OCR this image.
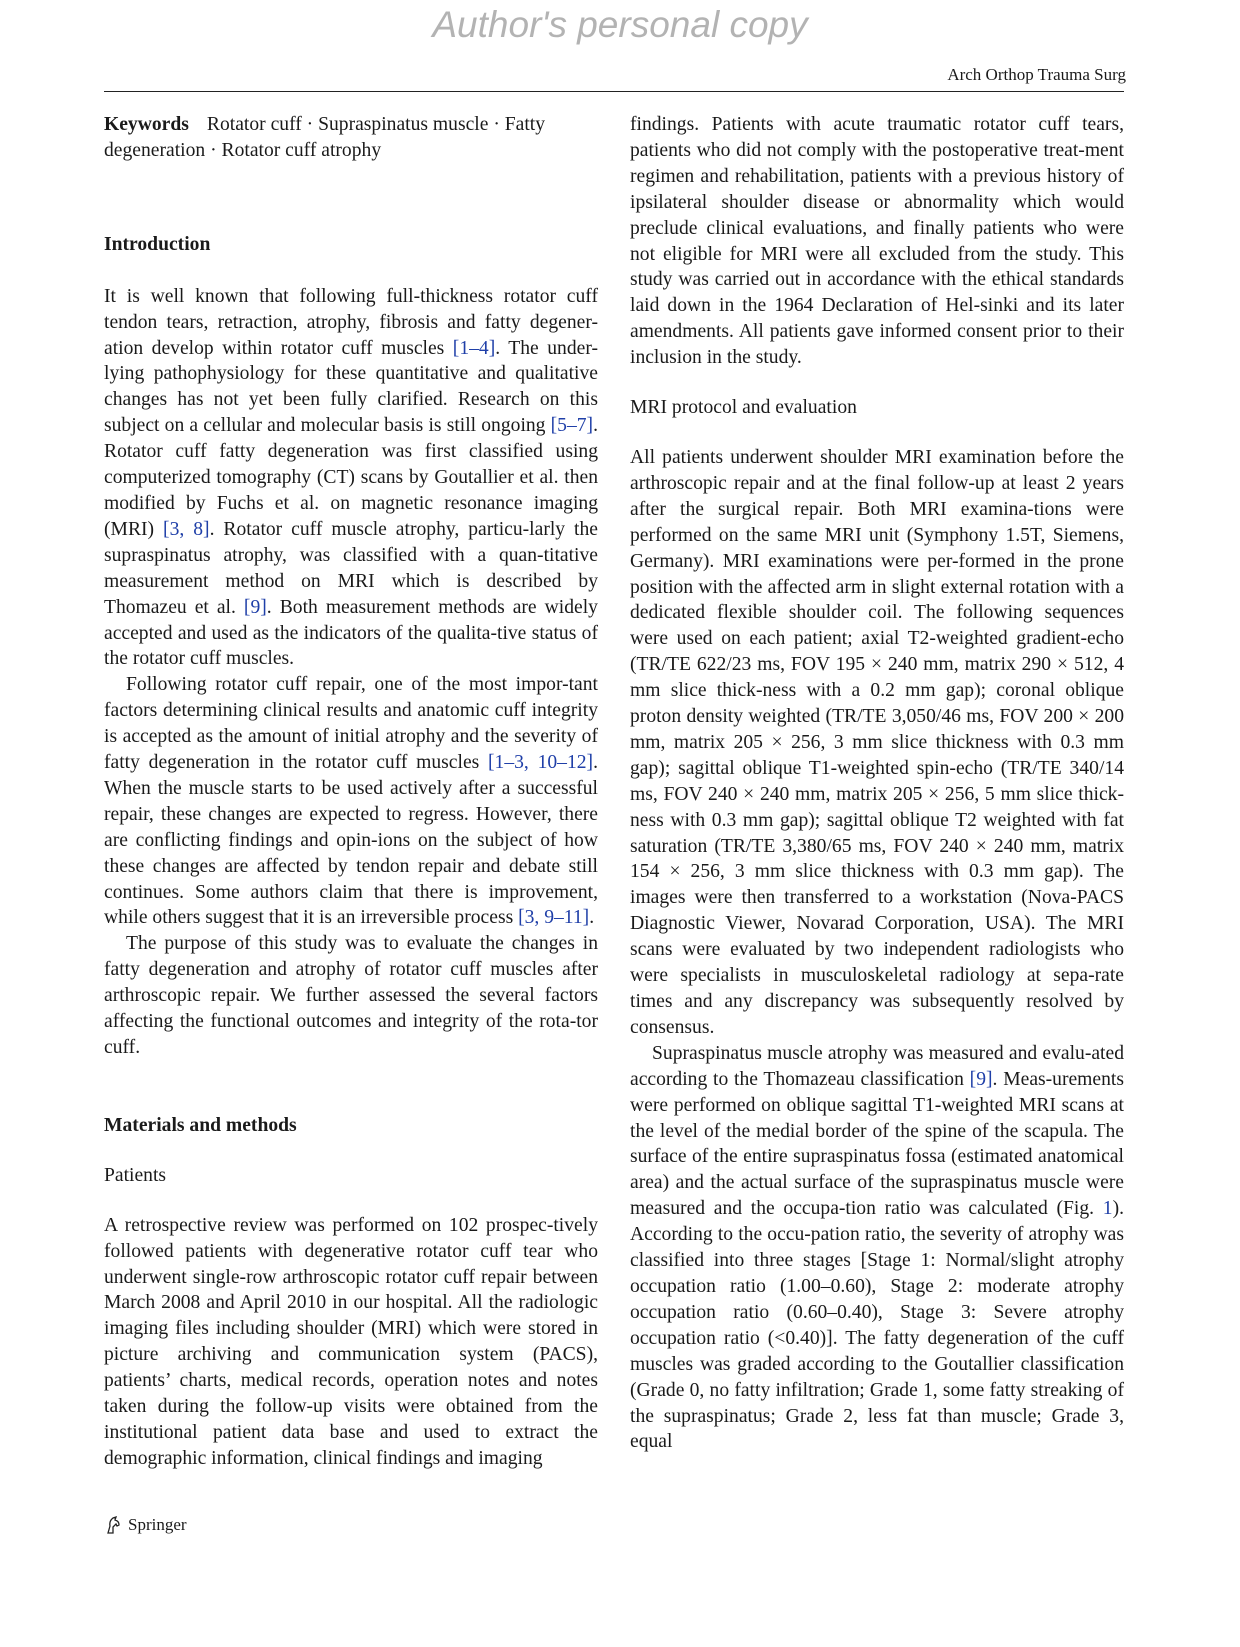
Author's personal copy
Arch Orthop Trauma Surg

Keywords Rotator cuff · Supraspinatus muscle · Fatty degeneration · Rotator cuff atrophy

Introduction

It is well known that following full-thickness rotator cuff tendon tears, retraction, atrophy, fibrosis and fatty degener-ation develop within rotator cuff muscles [1–4]. The under-lying pathophysiology for these quantitative and qualitative changes has not yet been fully clarified. Research on this subject on a cellular and molecular basis is still ongoing [5–7]. Rotator cuff fatty degeneration was first classified using computerized tomography (CT) scans by Goutallier et al. then modified by Fuchs et al. on magnetic resonance imaging (MRI) [3, 8]. Rotator cuff muscle atrophy, particu-larly the supraspinatus atrophy, was classified with a quan-titative measurement method on MRI which is described by Thomazeu et al. [9]. Both measurement methods are widely accepted and used as the indicators of the qualita-tive status of the rotator cuff muscles.

Following rotator cuff repair, one of the most impor-tant factors determining clinical results and anatomic cuff integrity is accepted as the amount of initial atrophy and the severity of fatty degeneration in the rotator cuff muscles [1–3, 10–12]. When the muscle starts to be used actively after a successful repair, these changes are expected to regress. However, there are conflicting findings and opin-ions on the subject of how these changes are affected by tendon repair and debate still continues. Some authors claim that there is improvement, while others suggest that it is an irreversible process [3, 9–11].

The purpose of this study was to evaluate the changes in fatty degeneration and atrophy of rotator cuff muscles after arthroscopic repair. We further assessed the several factors affecting the functional outcomes and integrity of the rota-tor cuff.

Materials and methods
Patients

A retrospective review was performed on 102 prospec-tively followed patients with degenerative rotator cuff tear who underwent single-row arthroscopic rotator cuff repair between March 2008 and April 2010 in our hospital. All the radiologic imaging files including shoulder (MRI) which were stored in picture archiving and communication system (PACS), patients’ charts, medical records, operation notes and notes taken during the follow-up visits were obtained from the institutional patient data base and used to extract the demographic information, clinical findings and imaging

findings. Patients with acute traumatic rotator cuff tears, patients who did not comply with the postoperative treat-ment regimen and rehabilitation, patients with a previous history of ipsilateral shoulder disease or abnormality which would preclude clinical evaluations, and finally patients who were not eligible for MRI were all excluded from the study. This study was carried out in accordance with the ethical standards laid down in the 1964 Declaration of Hel-sinki and its later amendments. All patients gave informed consent prior to their inclusion in the study.

MRI protocol and evaluation

All patients underwent shoulder MRI examination before the arthroscopic repair and at the final follow-up at least 2 years after the surgical repair. Both MRI examina-tions were performed on the same MRI unit (Symphony 1.5T, Siemens, Germany). MRI examinations were per-formed in the prone position with the affected arm in slight external rotation with a dedicated flexible shoulder coil. The following sequences were used on each patient; axial T2-weighted gradient-echo (TR/TE 622/23 ms, FOV 195 × 240 mm, matrix 290 × 512, 4 mm slice thick-ness with a 0.2 mm gap); coronal oblique proton density weighted (TR/TE 3,050/46 ms, FOV 200 × 200 mm, matrix 205 × 256, 3 mm slice thickness with 0.3 mm gap); sagittal oblique T1-weighted spin-echo (TR/TE 340/14 ms, FOV 240 × 240 mm, matrix 205 × 256, 5 mm slice thick-ness with 0.3 mm gap); sagittal oblique T2 weighted with fat saturation (TR/TE 3,380/65 ms, FOV 240 × 240 mm, matrix 154 × 256, 3 mm slice thickness with 0.3 mm gap). The images were then transferred to a workstation (Nova-PACS Diagnostic Viewer, Novarad Corporation, USA). The MRI scans were evaluated by two independent radiologists who were specialists in musculoskeletal radiology at sepa-rate times and any discrepancy was subsequently resolved by consensus.

Supraspinatus muscle atrophy was measured and evalu-ated according to the Thomazeau classification [9]. Meas-urements were performed on oblique sagittal T1-weighted MRI scans at the level of the medial border of the spine of the scapula. The surface of the entire supraspinatus fossa (estimated anatomical area) and the actual surface of the supraspinatus muscle were measured and the occupa-tion ratio was calculated (Fig. 1). According to the occu-pation ratio, the severity of atrophy was classified into three stages [Stage 1: Normal/slight atrophy occupation ratio (1.00–0.60), Stage 2: moderate atrophy occupation ratio (0.60–0.40), Stage 3: Severe atrophy occupation ratio (<0.40)]. The fatty degeneration of the cuff muscles was graded according to the Goutallier classification (Grade 0, no fatty infiltration; Grade 1, some fatty streaking of the supraspinatus; Grade 2, less fat than muscle; Grade 3, equal

Springer
